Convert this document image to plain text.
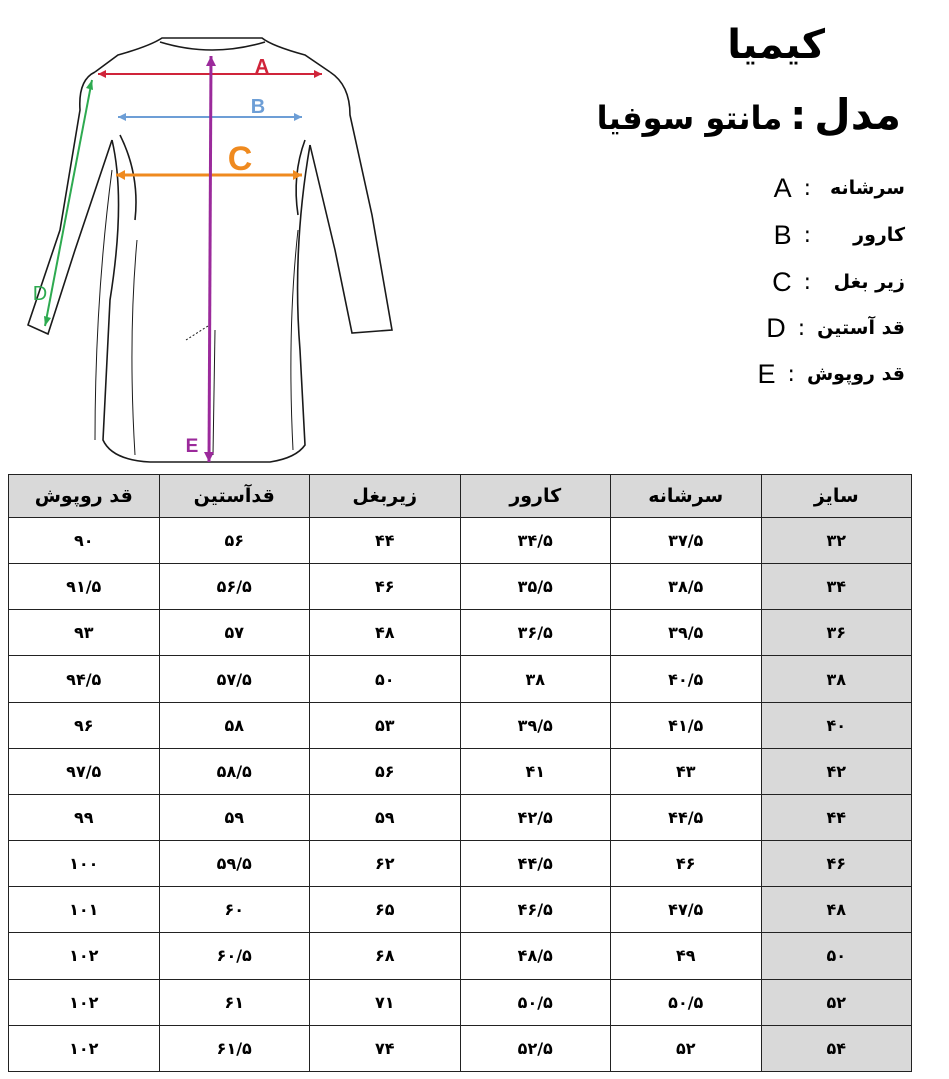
A
B
C
D
E
کیمیا
مدل:مانتو سوفیا
سرشانه
:
A
کارور
:
B
زیر بغل
:
C
قد آستین
:
D
قد روپوش
:
E
سایز	سرشانه	کارور	زیربغل	قدآستین	قد روپوش
۳۲	۳۷/۵	۳۴/۵	۴۴	۵۶	۹۰
۳۴	۳۸/۵	۳۵/۵	۴۶	۵۶/۵	۹۱/۵
۳۶	۳۹/۵	۳۶/۵	۴۸	۵۷	۹۳
۳۸	۴۰/۵	۳۸	۵۰	۵۷/۵	۹۴/۵
۴۰	۴۱/۵	۳۹/۵	۵۳	۵۸	۹۶
۴۲	۴۳	۴۱	۵۶	۵۸/۵	۹۷/۵
۴۴	۴۴/۵	۴۲/۵	۵۹	۵۹	۹۹
۴۶	۴۶	۴۴/۵	۶۲	۵۹/۵	۱۰۰
۴۸	۴۷/۵	۴۶/۵	۶۵	۶۰	۱۰۱
۵۰	۴۹	۴۸/۵	۶۸	۶۰/۵	۱۰۲
۵۲	۵۰/۵	۵۰/۵	۷۱	۶۱	۱۰۲
۵۴	۵۲	۵۲/۵	۷۴	۶۱/۵	۱۰۲
